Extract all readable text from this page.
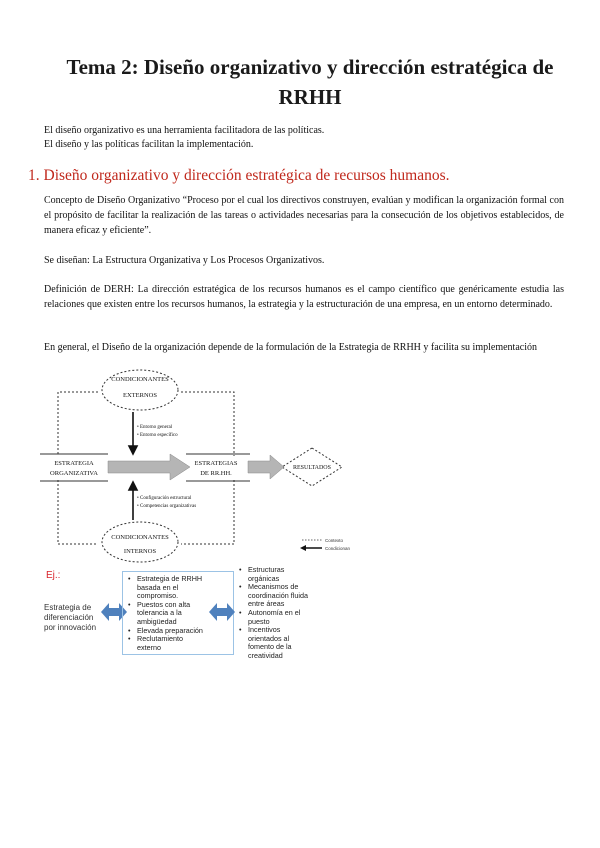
Tema 2: Diseño organizativo y dirección estratégica de RRHH
El diseño organizativo es una herramienta facilitadora de las políticas.
El diseño y las políticas facilitan la implementación.
1. Diseño organizativo y dirección estratégica de recursos humanos.
Concepto de Diseño Organizativo “Proceso por el cual los directivos construyen, evalúan y modifican la organización formal con el propósito de facilitar la realización de las tareas o actividades necesarias para la consecución de los objetivos establecidos, de manera eficaz y eficiente”.
Se diseñan: La Estructura Organizativa y Los Procesos Organizativos.
Definición de DERH: La dirección estratégica de los recursos humanos es el campo científico que genéricamente estudia las relaciones que existen entre los recursos humanos, la estrategia y la estructuración de una empresa, en un entorno determinado.
En general, el Diseño de la organización depende de la formulación de la Estrategia de RRHH y facilita su implementación
CONDICIONANTES
EXTERNOS
• Entorno general
• Entorno específico
ESTRATEGIA
ORGANIZATIVA
ESTRATEGIAS
DE RR.HH.
RESULTADOS
• Configuración estructural
• Competencias organizativas
CONDICIONANTES
INTERNOS
Contexto
Condicionan
Ej.:
Estrategia de
diferenciación
por innovación
• Estrategia de RRHH
basada en el
compromiso.
• Puestos con alta
tolerancia a la
ambigüedad
• Elevada preparación
• Reclutamiento
externo
• Estructuras
orgánicas
• Mecanismos de
coordinación fluida
entre áreas
• Autonomía en el
puesto
• Incentivos
orientados al
fomento de la
creatividad
